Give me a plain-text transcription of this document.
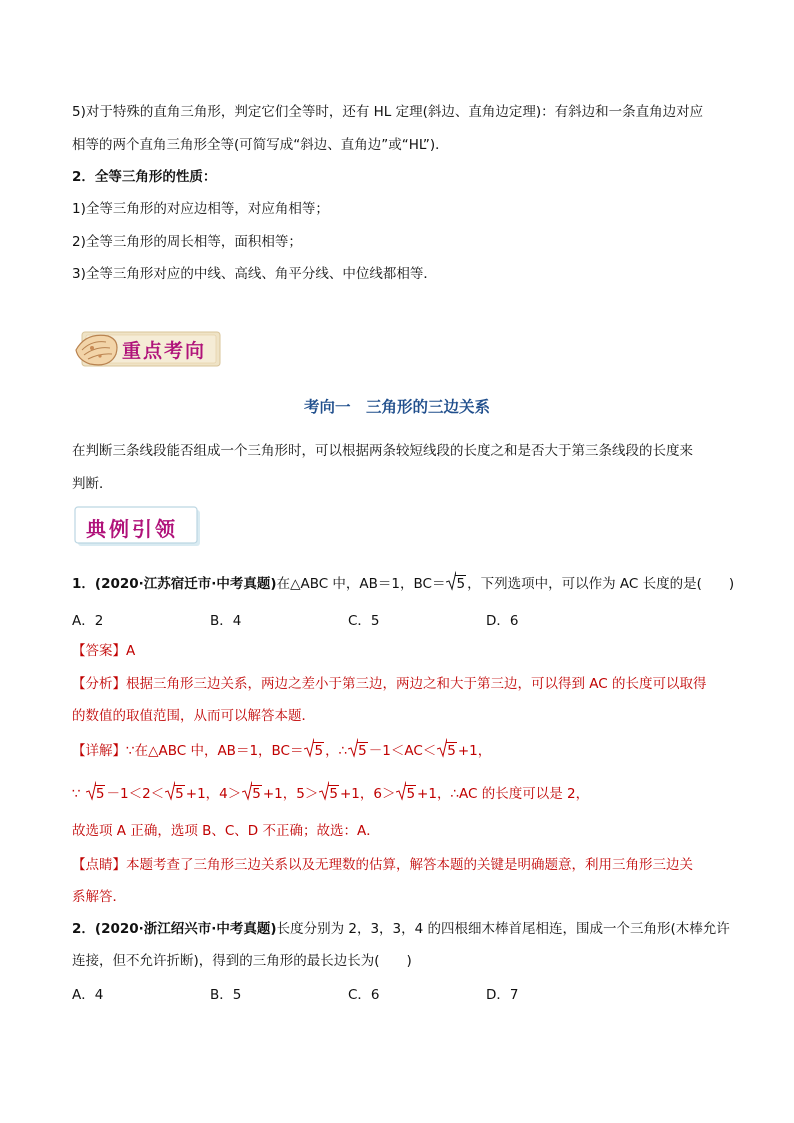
5)对于特殊的直角三角形，判定它们全等时，还有 HL 定理(斜边、直角边定理)：有斜边和一条直角边对应
相等的两个直角三角形全等(可简写成“斜边、直角边”或“HL”)．
2．全等三角形的性质：
1)全等三角形的对应边相等，对应角相等；
2)全等三角形的周长相等，面积相等；
3)全等三角形对应的中线、高线、角平分线、中位线都相等．
重点考向
考向一　三角形的三边关系
在判断三条线段能否组成一个三角形时，可以根据两条较短线段的长度之和是否大于第三条线段的长度来
判断．
典例引领
1．(2020·江苏宿迁市·中考真题)在△ABC 中，AB＝1，BC＝ 5 ，下列选项中，可以作为 AC 长度的是(　　)
A．2	B．4	C．5	D．6
【答案】A
【分析】根据三角形三边关系，两边之差小于第三边，两边之和大于第三边，可以得到 AC 的长度可以取得
的数值的取值范围，从而可以解答本题．
【详解】∵在△ABC 中，AB＝1，BC＝ 5 ，∴ 5 －1＜AC＜ 5 +1，
∵
5 －1＜2＜ 5 +1，4＞ 5 +1，5＞ 5 +1，6＞ 5 +1，∴AC 的长度可以是 2，
故选项 A 正确，选项 B、C、D 不正确；故选：A．
【点睛】本题考查了三角形三边关系以及无理数的估算，解答本题的关键是明确题意，利用三角形三边关
系解答．
2．(2020·浙江绍兴市·中考真题)长度分别为 2，3，3，4 的四根细木棒首尾相连，围成一个三角形(木棒允许
连接，但不允许折断)，得到的三角形的最长边长为(　　)
A．4	B．5	C．6	D．7
